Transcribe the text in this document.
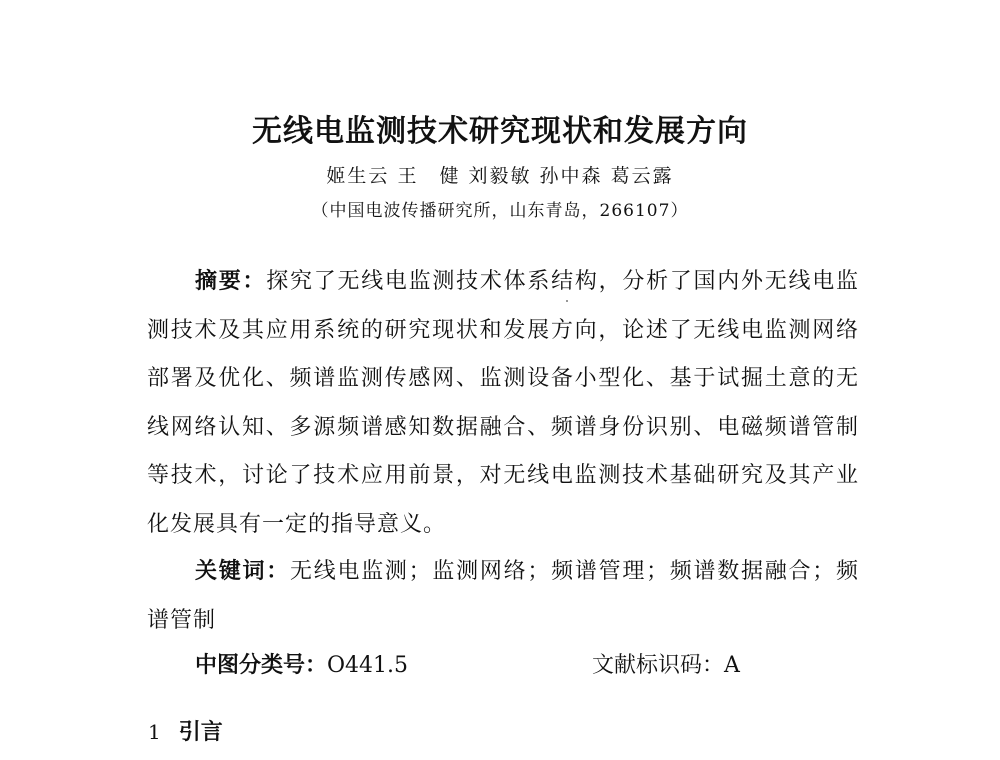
无线电监测技术研究现状和发展方向
姬生云 王　健 刘毅敏 孙中森 葛云露
（中国电波传播研究所，山东青岛，266107）

摘要：探究了无线电监测技术体系结构，分析了国内外无线电监测技术及其应用系统的研究现状和发展方向，论述了无线电监测网络部署及优化、频谱监测传感网、监测设备小型化、基于试掘土意的无线网络认知、多源频谱感知数据融合、频谱身份识别、电磁频谱管制等技术，讨论了技术应用前景，对无线电监测技术基础研究及其产业化发展具有一定的指导意义。

关键词：无线电监测；监测网络；频谱管理；频谱数据融合；频谱管制

中图分类号：O441.5	文献标识码：A
1 引言
